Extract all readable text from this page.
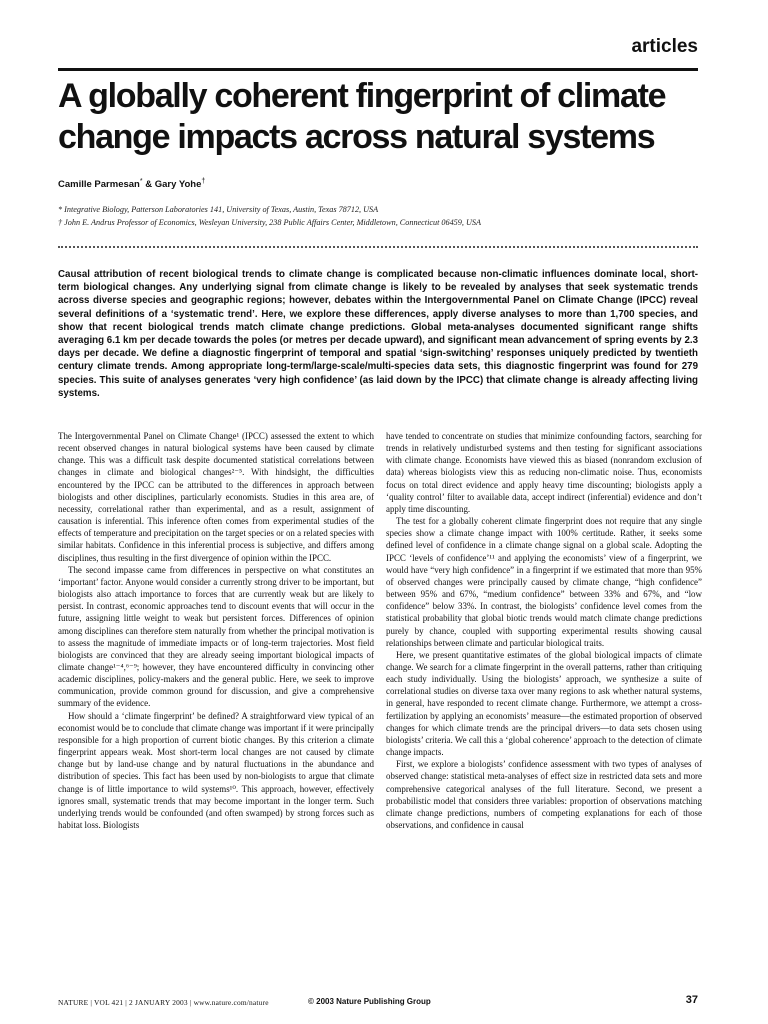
articles
A globally coherent fingerprint of climate change impacts across natural systems
Camille Parmesan* & Gary Yohe†
* Integrative Biology, Patterson Laboratories 141, University of Texas, Austin, Texas 78712, USA
† John E. Andrus Professor of Economics, Wesleyan University, 238 Public Affairs Center, Middletown, Connecticut 06459, USA

Causal attribution of recent biological trends to climate change is complicated because non-climatic influences dominate local, short-term biological changes. Any underlying signal from climate change is likely to be revealed by analyses that seek systematic trends across diverse species and geographic regions; however, debates within the Intergovernmental Panel on Climate Change (IPCC) reveal several definitions of a ‘systematic trend’. Here, we explore these differences, apply diverse analyses to more than 1,700 species, and show that recent biological trends match climate change predictions. Global meta-analyses documented significant range shifts averaging 6.1 km per decade towards the poles (or metres per decade upward), and significant mean advancement of spring events by 2.3 days per decade. We define a diagnostic fingerprint of temporal and spatial ‘sign-switching’ responses uniquely predicted by twentieth century climate trends. Among appropriate long-term/large-scale/multi-species data sets, this diagnostic fingerprint was found for 279 species. This suite of analyses generates ‘very high confidence’ (as laid down by the IPCC) that climate change is already affecting living systems.

The Intergovernmental Panel on Climate Change¹ (IPCC) assessed the extent to which recent observed changes in natural biological systems have been caused by climate change. This was a difficult task despite documented statistical correlations between changes in climate and biological changes²⁻⁵. With hindsight, the difficulties encountered by the IPCC can be attributed to the differences in approach between biologists and other disciplines, particularly economists. Studies in this area are, of necessity, correlational rather than experimental, and as a result, assignment of causation is inferential. This inference often comes from experimental studies of the effects of temperature and precipitation on the target species or on a related species with similar habitats. Confidence in this inferential process is subjective, and differs among disciplines, thus resulting in the first divergence of opinion within the IPCC.

The second impasse came from differences in perspective on what constitutes an ‘important’ factor. Anyone would consider a currently strong driver to be important, but biologists also attach importance to forces that are currently weak but are likely to persist. In contrast, economic approaches tend to discount events that will occur in the future, assigning little weight to weak but persistent forces. Differences of opinion among disciplines can therefore stem naturally from whether the principal motivation is to assess the magnitude of immediate impacts or of long-term trajectories. Most field biologists are convinced that they are already seeing important biological impacts of climate change¹⁻⁴,⁶⁻⁹; however, they have encountered difficulty in convincing other academic disciplines, policy-makers and the general public. Here, we seek to improve communication, provide common ground for discussion, and give a comprehensive summary of the evidence.

How should a ‘climate fingerprint’ be defined? A straightforward view typical of an economist would be to conclude that climate change was important if it were principally responsible for a high proportion of current biotic changes. By this criterion a climate fingerprint appears weak. Most short-term local changes are not caused by climate change but by land-use change and by natural fluctuations in the abundance and distribution of species. This fact has been used by non-biologists to argue that climate change is of little importance to wild systems¹⁰. This approach, however, effectively ignores small, systematic trends that may become important in the longer term. Such underlying trends would be confounded (and often swamped) by strong forces such as habitat loss. Biologists

have tended to concentrate on studies that minimize confounding factors, searching for trends in relatively undisturbed systems and then testing for significant associations with climate change. Economists have viewed this as biased (nonrandom exclusion of data) whereas biologists view this as reducing non-climatic noise. Thus, economists focus on total direct evidence and apply heavy time discounting; biologists apply a ‘quality control’ filter to available data, accept indirect (inferential) evidence and don’t apply time discounting.

The test for a globally coherent climate fingerprint does not require that any single species show a climate change impact with 100% certitude. Rather, it seeks some defined level of confidence in a climate change signal on a global scale. Adopting the IPCC ‘levels of confidence’¹¹ and applying the economists’ view of a fingerprint, we would have “very high confidence” in a fingerprint if we estimated that more than 95% of observed changes were principally caused by climate change, “high confidence” between 95% and 67%, “medium confidence” between 33% and 67%, and “low confidence” below 33%. In contrast, the biologists’ confidence level comes from the statistical probability that global biotic trends would match climate change predictions purely by chance, coupled with supporting experimental results showing causal relationships between climate and particular biological traits.

Here, we present quantitative estimates of the global biological impacts of climate change. We search for a climate fingerprint in the overall patterns, rather than critiquing each study individually. Using the biologists’ approach, we synthesize a suite of correlational studies on diverse taxa over many regions to ask whether natural systems, in general, have responded to recent climate change. Furthermore, we attempt a cross-fertilization by applying an economists’ measure—the estimated proportion of observed changes for which climate trends are the principal drivers—to data sets chosen using biologists’ criteria. We call this a ‘global coherence’ approach to the detection of climate change impacts.

First, we explore a biologists’ confidence assessment with two types of analyses of observed change: statistical meta-analyses of effect size in restricted data sets and more comprehensive categorical analyses of the full literature. Second, we present a probabilistic model that considers three variables: proportion of observations matching climate change predictions, numbers of competing explanations for each of those observations, and confidence in causal

NATURE | VOL 421 | 2 JANUARY 2003 | www.nature.com/nature	© 2003 Nature Publishing Group	37
